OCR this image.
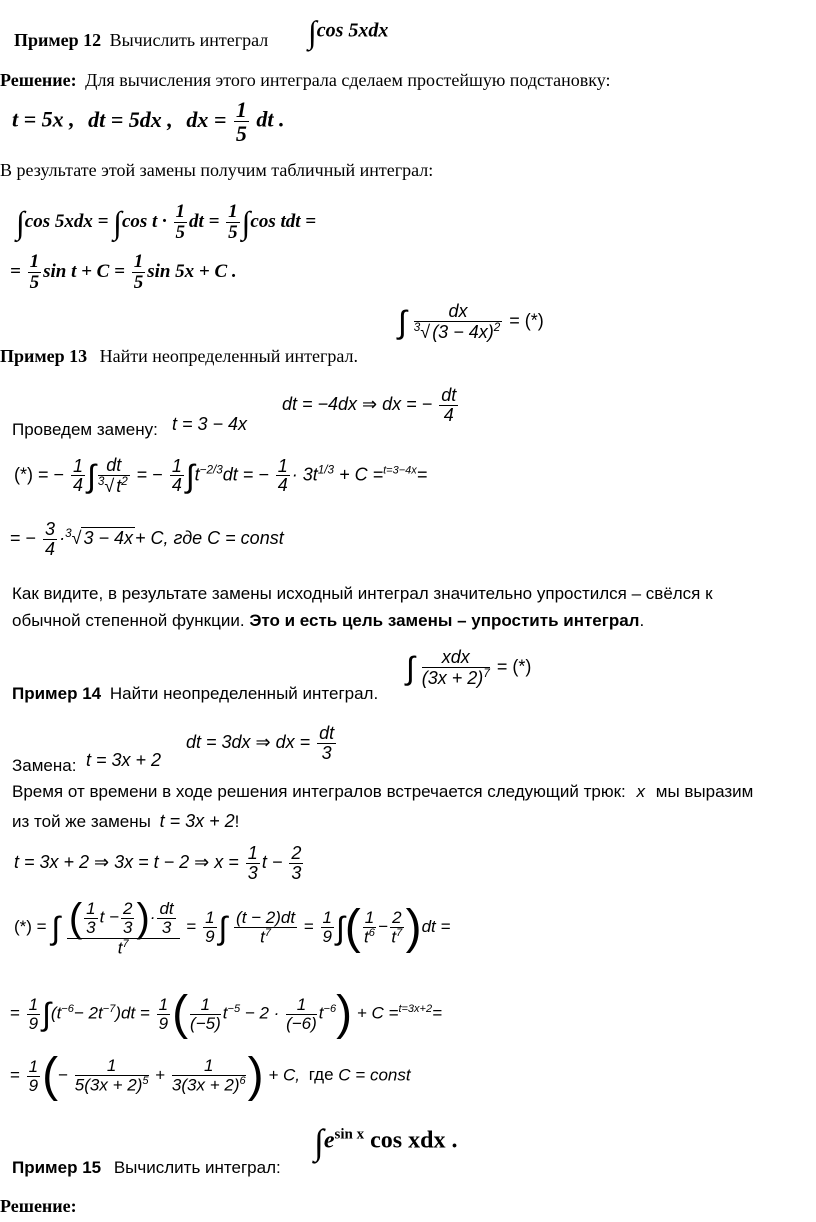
Пример 12 Вычислить интеграл ∫cos 5xdx
Решение: Для вычисления этого интеграла сделаем простейшую подстановку:
t = 5x , dt = 5dx , dx = $\frac{1}{5}$ dt .
В результате этой замены получим табличный интеграл:
∫cos 5xdx = ∫cos $t \cdot \frac{1}{5}$ dt = $\frac{1}{5} \int\cos$ tdt =
= $\frac{1}{5}$ $\sin t + C = \frac{1}{5}$ sin 5x + C .
Пример 13 Найти неопределенный интеграл.
∫ $\frac{dx}{^3√ (3 - 4x)^2}$ = (*)
Проведем замену: t = 3 − 4x
dt = −4dx ⇒ dx = − $\frac{dt}{4}$
(*) = − $\frac{1}{4}$ ∫ $\frac{dt}{^3√ t^2}$ = − $\frac{1}{4} \int t^{-2/3}dt$ = − $\frac{1}{4} \cdot 3t^{1/3} + C =^{t=3-4x}=$
= − $\frac{3}{4} \cdot^3√$ 3 − 4x + C, где C = const
Как видите, в результате замены исходный интеграл значительно упростился – свёлся к
обычной степенной функции. Это и есть цель замены – упростить интеграл.
Пример 14 Найти неопределенный интеграл.
∫	xdx
$(3x + 2)^7$ = (*)
Замена: t = 3x + 2
dt = 3dx ⇒ dx = $\frac{dt}{3}$
Время от времени в ходе решения интегралов встречается следующий трюк: x мы выразим
из той же замены t = 3x + 2!
t = 3x + 2 ⇒ 3x = t − 2 ⇒ $x = \frac{1}{3}$ $t - \frac{2}{3}$
(*) = ∫ $\frac{( \frac{1}{3} t - \frac{2}{3} )\cdot \frac{dt}{3}}{t^7} = \frac{1}{9}$ ∫ $\frac{(t - 2)dt}{t^7} = \frac{1}{9}$ ∫( $\frac{1}{t^6} - \frac{2}{t^7} )dt$ =
= $\frac{1}{9} \int(t^{-6}- 2t^{-7})dt = \frac{1}{9}$ ( $\frac{1}{(-5)} t^{-5} - 2 \cdot \frac{1}{(-6)} t^{-6}) + C =^{t=3x+2}=$
= $\frac{1}{9}$ (− $\frac{1}{5(3x + 2)^5} + \frac{1}{3(3x + 2)^6}$ ) + C, где C = const
Пример 15 Вычислить интеграл:
$\int e^{sin x}$ cos xdx .
Решение:
